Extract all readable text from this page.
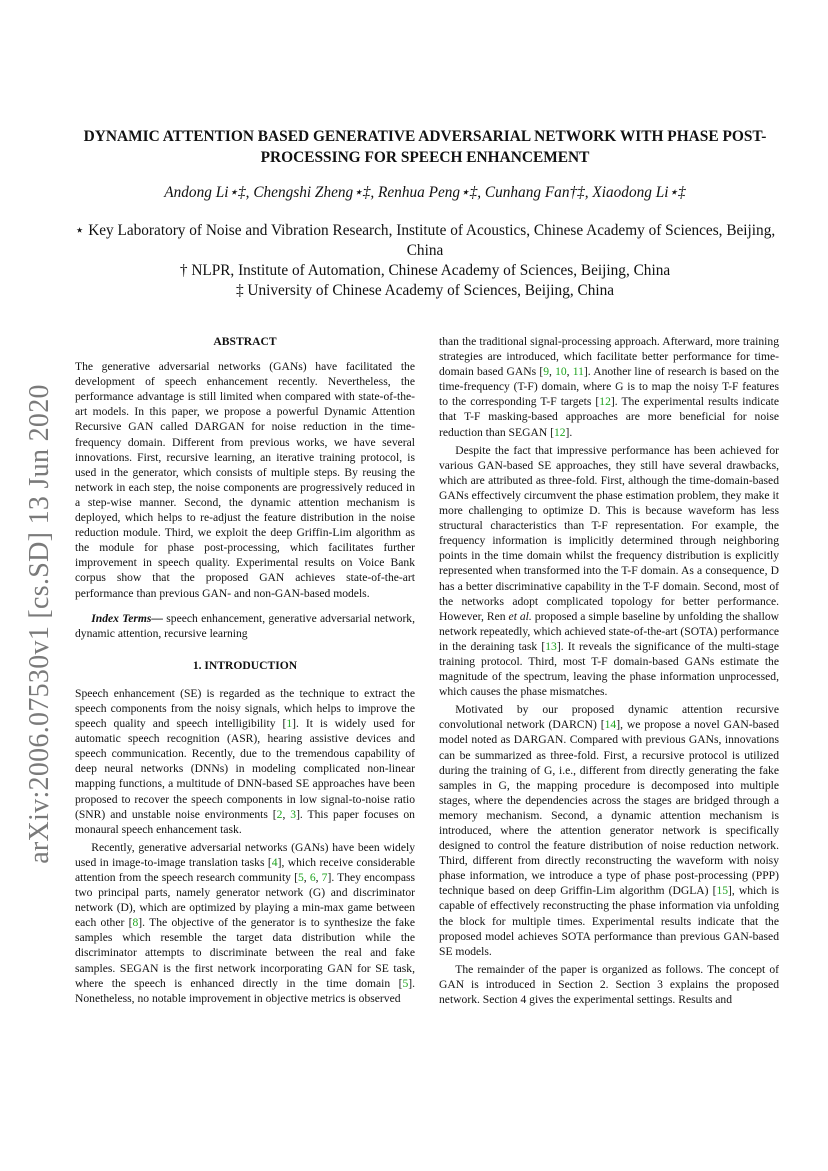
arXiv:2006.07530v1 [cs.SD] 13 Jun 2020
DYNAMIC ATTENTION BASED GENERATIVE ADVERSARIAL NETWORK WITH PHASE POST-PROCESSING FOR SPEECH ENHANCEMENT
Andong Li⋆‡, Chengshi Zheng⋆‡, Renhua Peng⋆‡, Cunhang Fan†‡, Xiaodong Li⋆‡

⋆ Key Laboratory of Noise and Vibration Research, Institute of Acoustics, Chinese Academy of Sciences, Beijing, China

† NLPR, Institute of Automation, Chinese Academy of Sciences, Beijing, China

‡ University of Chinese Academy of Sciences, Beijing, China

ABSTRACT

The generative adversarial networks (GANs) have facilitated the development of speech enhancement recently. Nevertheless, the performance advantage is still limited when compared with state-of-the-art models. In this paper, we propose a powerful Dynamic Attention Recursive GAN called DARGAN for noise reduction in the time-frequency domain. Different from previous works, we have several innovations. First, recursive learning, an iterative training protocol, is used in the generator, which consists of multiple steps. By reusing the network in each step, the noise components are progressively reduced in a step-wise manner. Second, the dynamic attention mechanism is deployed, which helps to re-adjust the feature distribution in the noise reduction module. Third, we exploit the deep Griffin-Lim algorithm as the module for phase post-processing, which facilitates further improvement in speech quality. Experimental results on Voice Bank corpus show that the proposed GAN achieves state-of-the-art performance than previous GAN- and non-GAN-based models.

Index Terms— speech enhancement, generative adversarial network, dynamic attention, recursive learning

1. INTRODUCTION

Speech enhancement (SE) is regarded as the technique to extract the speech components from the noisy signals, which helps to improve the speech quality and speech intelligibility [1]. It is widely used for automatic speech recognition (ASR), hearing assistive devices and speech communication. Recently, due to the tremendous capability of deep neural networks (DNNs) in modeling complicated non-linear mapping functions, a multitude of DNN-based SE approaches have been proposed to recover the speech components in low signal-to-noise ratio (SNR) and unstable noise environments [2, 3]. This paper focuses on monaural speech enhancement task.

Recently, generative adversarial networks (GANs) have been widely used in image-to-image translation tasks [4], which receive considerable attention from the speech research community [5, 6, 7]. They encompass two principal parts, namely generator network (G) and discriminator network (D), which are optimized by playing a min-max game between each other [8]. The objective of the generator is to synthesize the fake samples which resemble the target data distribution while the discriminator attempts to discriminate between the real and fake samples. SEGAN is the first network incorporating GAN for SE task, where the speech is enhanced directly in the time domain [5]. Nonetheless, no notable improvement in objective metrics is observed

than the traditional signal-processing approach. Afterward, more training strategies are introduced, which facilitate better performance for time-domain based GANs [9, 10, 11]. Another line of research is based on the time-frequency (T-F) domain, where G is to map the noisy T-F features to the corresponding T-F targets [12]. The experimental results indicate that T-F masking-based approaches are more beneficial for noise reduction than SEGAN [12].

Despite the fact that impressive performance has been achieved for various GAN-based SE approaches, they still have several drawbacks, which are attributed as three-fold. First, although the time-domain-based GANs effectively circumvent the phase estimation problem, they make it more challenging to optimize D. This is because waveform has less structural characteristics than T-F representation. For example, the frequency information is implicitly determined through neighboring points in the time domain whilst the frequency distribution is explicitly represented when transformed into the T-F domain. As a consequence, D has a better discriminative capability in the T-F domain. Second, most of the networks adopt complicated topology for better performance. However, Ren et al. proposed a simple baseline by unfolding the shallow network repeatedly, which achieved state-of-the-art (SOTA) performance in the deraining task [13]. It reveals the significance of the multi-stage training protocol. Third, most T-F domain-based GANs estimate the magnitude of the spectrum, leaving the phase information unprocessed, which causes the phase mismatches.

Motivated by our proposed dynamic attention recursive convolutional network (DARCN) [14], we propose a novel GAN-based model noted as DARGAN. Compared with previous GANs, innovations can be summarized as three-fold. First, a recursive protocol is utilized during the training of G, i.e., different from directly generating the fake samples in G, the mapping procedure is decomposed into multiple stages, where the dependencies across the stages are bridged through a memory mechanism. Second, a dynamic attention mechanism is introduced, where the attention generator network is specifically designed to control the feature distribution of noise reduction network. Third, different from directly reconstructing the waveform with noisy phase information, we introduce a type of phase post-processing (PPP) technique based on deep Griffin-Lim algorithm (DGLA) [15], which is capable of effectively reconstructing the phase information via unfolding the block for multiple times. Experimental results indicate that the proposed model achieves SOTA performance than previous GAN-based SE models.

The remainder of the paper is organized as follows. The concept of GAN is introduced in Section 2. Section 3 explains the proposed network. Section 4 gives the experimental settings. Results and
